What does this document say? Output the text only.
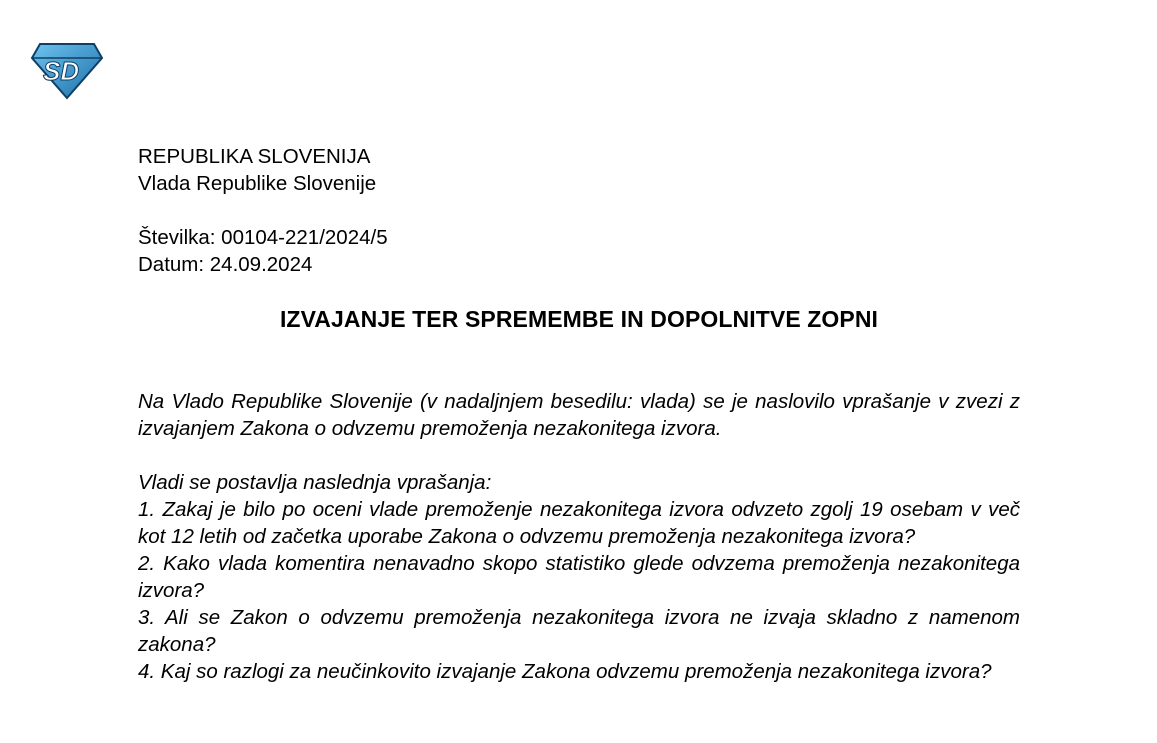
SD

REPUBLIKA SLOVENIJA

Vlada Republike Slovenije

Številka: 00104-221/2024/5

Datum: 24.09.2024

IZVAJANJE TER SPREMEMBE IN DOPOLNITVE ZOPNI

Na Vlado Republike Slovenije (v nadaljnjem besedilu: vlada) se je naslovilo vprašanje v zvezi z izvajanjem Zakona o odvzemu premoženja nezakonitega izvora.

Vladi se postavlja naslednja vprašanja:

1. Zakaj je bilo po oceni vlade premoženje nezakonitega izvora odvzeto zgolj 19 osebam v več kot 12 letih od začetka uporabe Zakona o odvzemu premoženja nezakonitega izvora?

2. Kako vlada komentira nenavadno skopo statistiko glede odvzema premoženja nezakonitega izvora?

3. Ali se Zakon o odvzemu premoženja nezakonitega izvora ne izvaja skladno z namenom zakona?

4. Kaj so razlogi za neučinkovito izvajanje Zakona odvzemu premoženja nezakonitega izvora?
